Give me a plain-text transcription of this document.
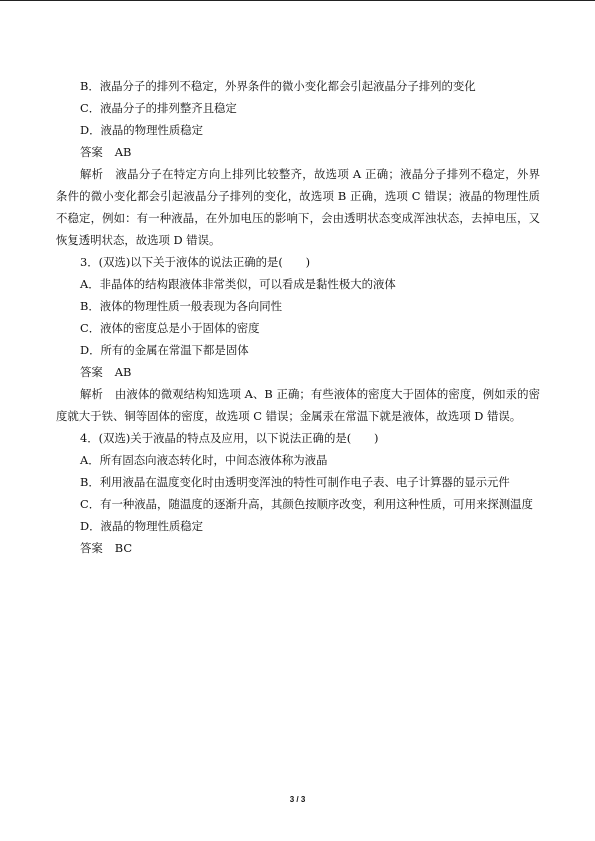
B．液晶分子的排列不稳定，外界条件的微小变化都会引起液晶分子排列的变化

C．液晶分子的排列整齐且稳定

D．液晶的物理性质稳定

答案 AB

解析 液晶分子在特定方向上排列比较整齐，故选项 A 正确；液晶分子排列不稳定，外界条件的微小变化都会引起液晶分子排列的变化，故选项 B 正确，选项 C 错误；液晶的物理性质不稳定，例如：有一种液晶，在外加电压的影响下，会由透明状态变成浑浊状态，去掉电压，又恢复透明状态，故选项 D 错误。

3．(双选)以下关于液体的说法正确的是(　　)

A．非晶体的结构跟液体非常类似，可以看成是黏性极大的液体

B．液体的物理性质一般表现为各向同性

C．液体的密度总是小于固体的密度

D．所有的金属在常温下都是固体

答案 AB

解析 由液体的微观结构知选项 A、B 正确；有些液体的密度大于固体的密度，例如汞的密度就大于铁、铜等固体的密度，故选项 C 错误；金属汞在常温下就是液体，故选项 D 错误。

4．(双选)关于液晶的特点及应用，以下说法正确的是(　　)

A．所有固态向液态转化时，中间态液体称为液晶

B．利用液晶在温度变化时由透明变浑浊的特性可制作电子表、电子计算器的显示元件

C．有一种液晶，随温度的逐渐升高，其颜色按顺序改变，利用这种性质，可用来探测温度

D．液晶的物理性质稳定

答案 BC

3 / 3
